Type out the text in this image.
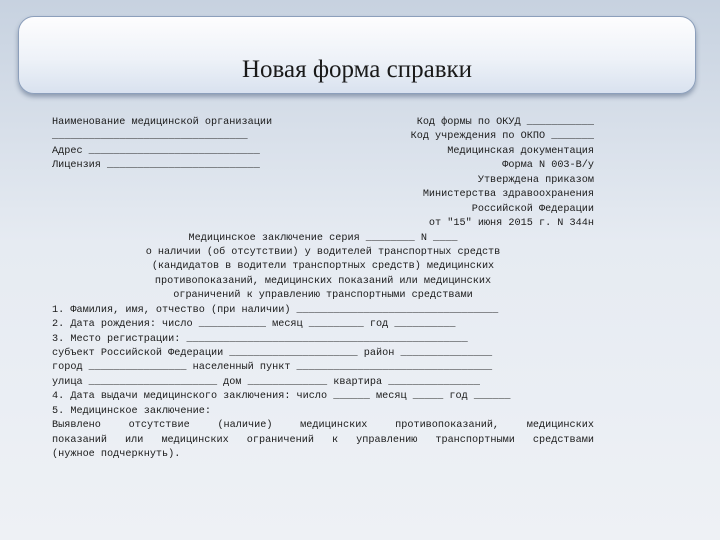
Новая форма справки
Наименование медицинской организации	Код формы по ОКУД ___________
________________________________	Код учреждения по ОКПО _______
Адрес ____________________________	Медицинская документация
Лицензия _________________________	Форма N 003-В/у
Утверждена приказом
Министерства здравоохранения
Российской Федерации
от "15" июня 2015 г. N 344н
Медицинское заключение серия ________ N ____
о наличии (об отсутствии) у водителей транспортных средств
(кандидатов в водители транспортных средств) медицинских
противопоказаний, медицинских показаний или медицинских
ограничений к управлению транспортными средствами
1. Фамилия, имя, отчество (при наличии) _________________________________
2. Дата рождения: число ___________ месяц _________ год __________
3. Место регистрации: ______________________________________________
субъект Российской Федерации _____________________ район _______________
город ________________ населенный пункт ________________________________
улица _____________________ дом _____________ квартира _______________
4. Дата выдачи медицинского заключения: число ______ месяц _____ год ______
5. Медицинское заключение:
Выявлено отсутствие (наличие) медицинских противопоказаний, медицинских
показаний или медицинских ограничений к управлению транспортными средствами
(нужное подчеркнуть).
